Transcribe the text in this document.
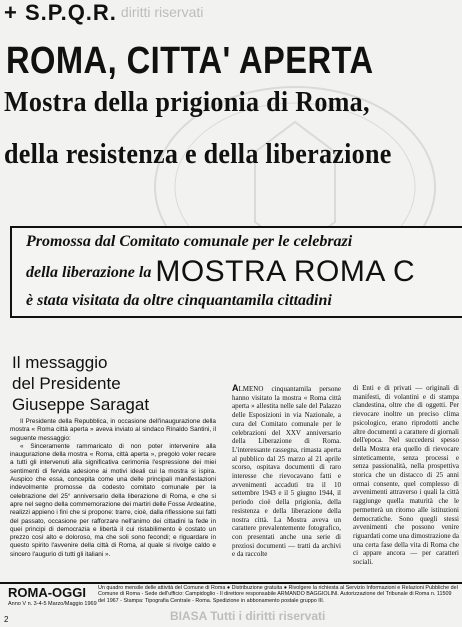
+ S.P.Q.R. diritti riservati
ROMA, CITTA' APERTA
Mostra della prigionia di Roma,
della resistenza e della liberazione
Promossa dal Comitato comunale per le celebrazi
della liberazione la MOSTRA ROMA C
è stata visitata da oltre cinquantamila cittadini
Il messaggio
del Presidente
Giuseppe Saragat
Il Presidente della Repubblica, in occasione dell'inaugurazione della mostra « Roma città aperta » aveva inviato al sindaco Rinaldo Santini, il seguente messaggio:
« Sinceramente rammaricato di non poter intervenire alla inaugurazione della mostra « Roma, città aperta », pregolo voler recare a tutti gli intervenuti alla significativa cerimonia l'espressione dei miei sentimenti di fervida adesione ai motivi ideali cui la mostra si ispira. Auspico che essa, concepita come una delle principali manifestazioni indevolmente promosse da codesto comitato comunale per la celebrazione del 25° anniversario della liberazione di Roma, e che si apre nel segno della commemorazione dei martiri delle Fosse Ardeatine, realizzi appieno i fini che si propone: trarre, cioè, dalla riflessione sui fatti del passato, occasione per rafforzare nell'animo dei cittadini la fede in quei principi di democrazia e libertà il cui ristabilimento è costato un prezzo così alto e doloroso, ma che soli sono fecondi; e riguardare in questo spirito l'avvenire della città di Roma, al quale si rivolge caldo e sincero l'augurio di tutti gli italiani ».
ALMENO cinquantamila persone hanno visitato la mostra « Roma città aperta » allestita nelle sale del Palazzo delle Esposizioni in via Nazionale, a cura del Comitato comunale per le celebrazioni del XXV anniversario della Liberazione di Roma. L'interessante rassegna, rimasta aperta al pubblico dal 25 marzo al 21 aprile scorso, ospitava documenti di raro interesse che rievocavano fatti e avvenimenti accaduti tra il 10 settembre 1943 e il 5 giugno 1944, il periodo cioè della prigionia, della resistenza e della liberazione della nostra città. La Mostra aveva un carattere prevalentemente fotografico, con presentati anche una serie di preziosi documenti — tratti da archivi e da raccolte
di Enti e di privati — originali di manifesti, di volantini e di stampa clandestina, oltre che di oggetti. Per rievocare inoltre un preciso clima psicologico, erano riprodotti anche altre documenti a carattere di giornali dell'epoca. Nel succedersi spesso della Mostra era quello di rievocare sinteticamente, senza processi e senza passionalità, nella prospettiva storica che un distacco di 25 anni ormai consente, quel complesso di avvenimenti attraverso i quali la città raggiunge quella maturità che le permetterà un ritorno alle istituzioni democratiche. Sono quegli stessi avvenimenti che possono venire riguardati come una dimostrazione da una certa fase della vita di Roma che ci appare ancora — per caratteri sociali.
ROMA-OGGI
Anno V n. 3-4-5 Marzo/Maggio 1969
Un quadro mensile delle attività del Comune di Roma ● Distribuzione gratuita ● Rivolgere la richiesta al Servizio Informazioni e Relazioni Pubbliche del Comune di Roma - Sede dell'ufficio: Campidoglio - Il direttore responsabile ARMANDO BAGGIOLINI. Autorizzazione del Tribunale di Roma n. 11509 del 1967 - Stampa: Tipografia Centrale - Roma. Spedizione in abbonamento postale gruppo III.
BIASA Tutti i diritti riservati
2
